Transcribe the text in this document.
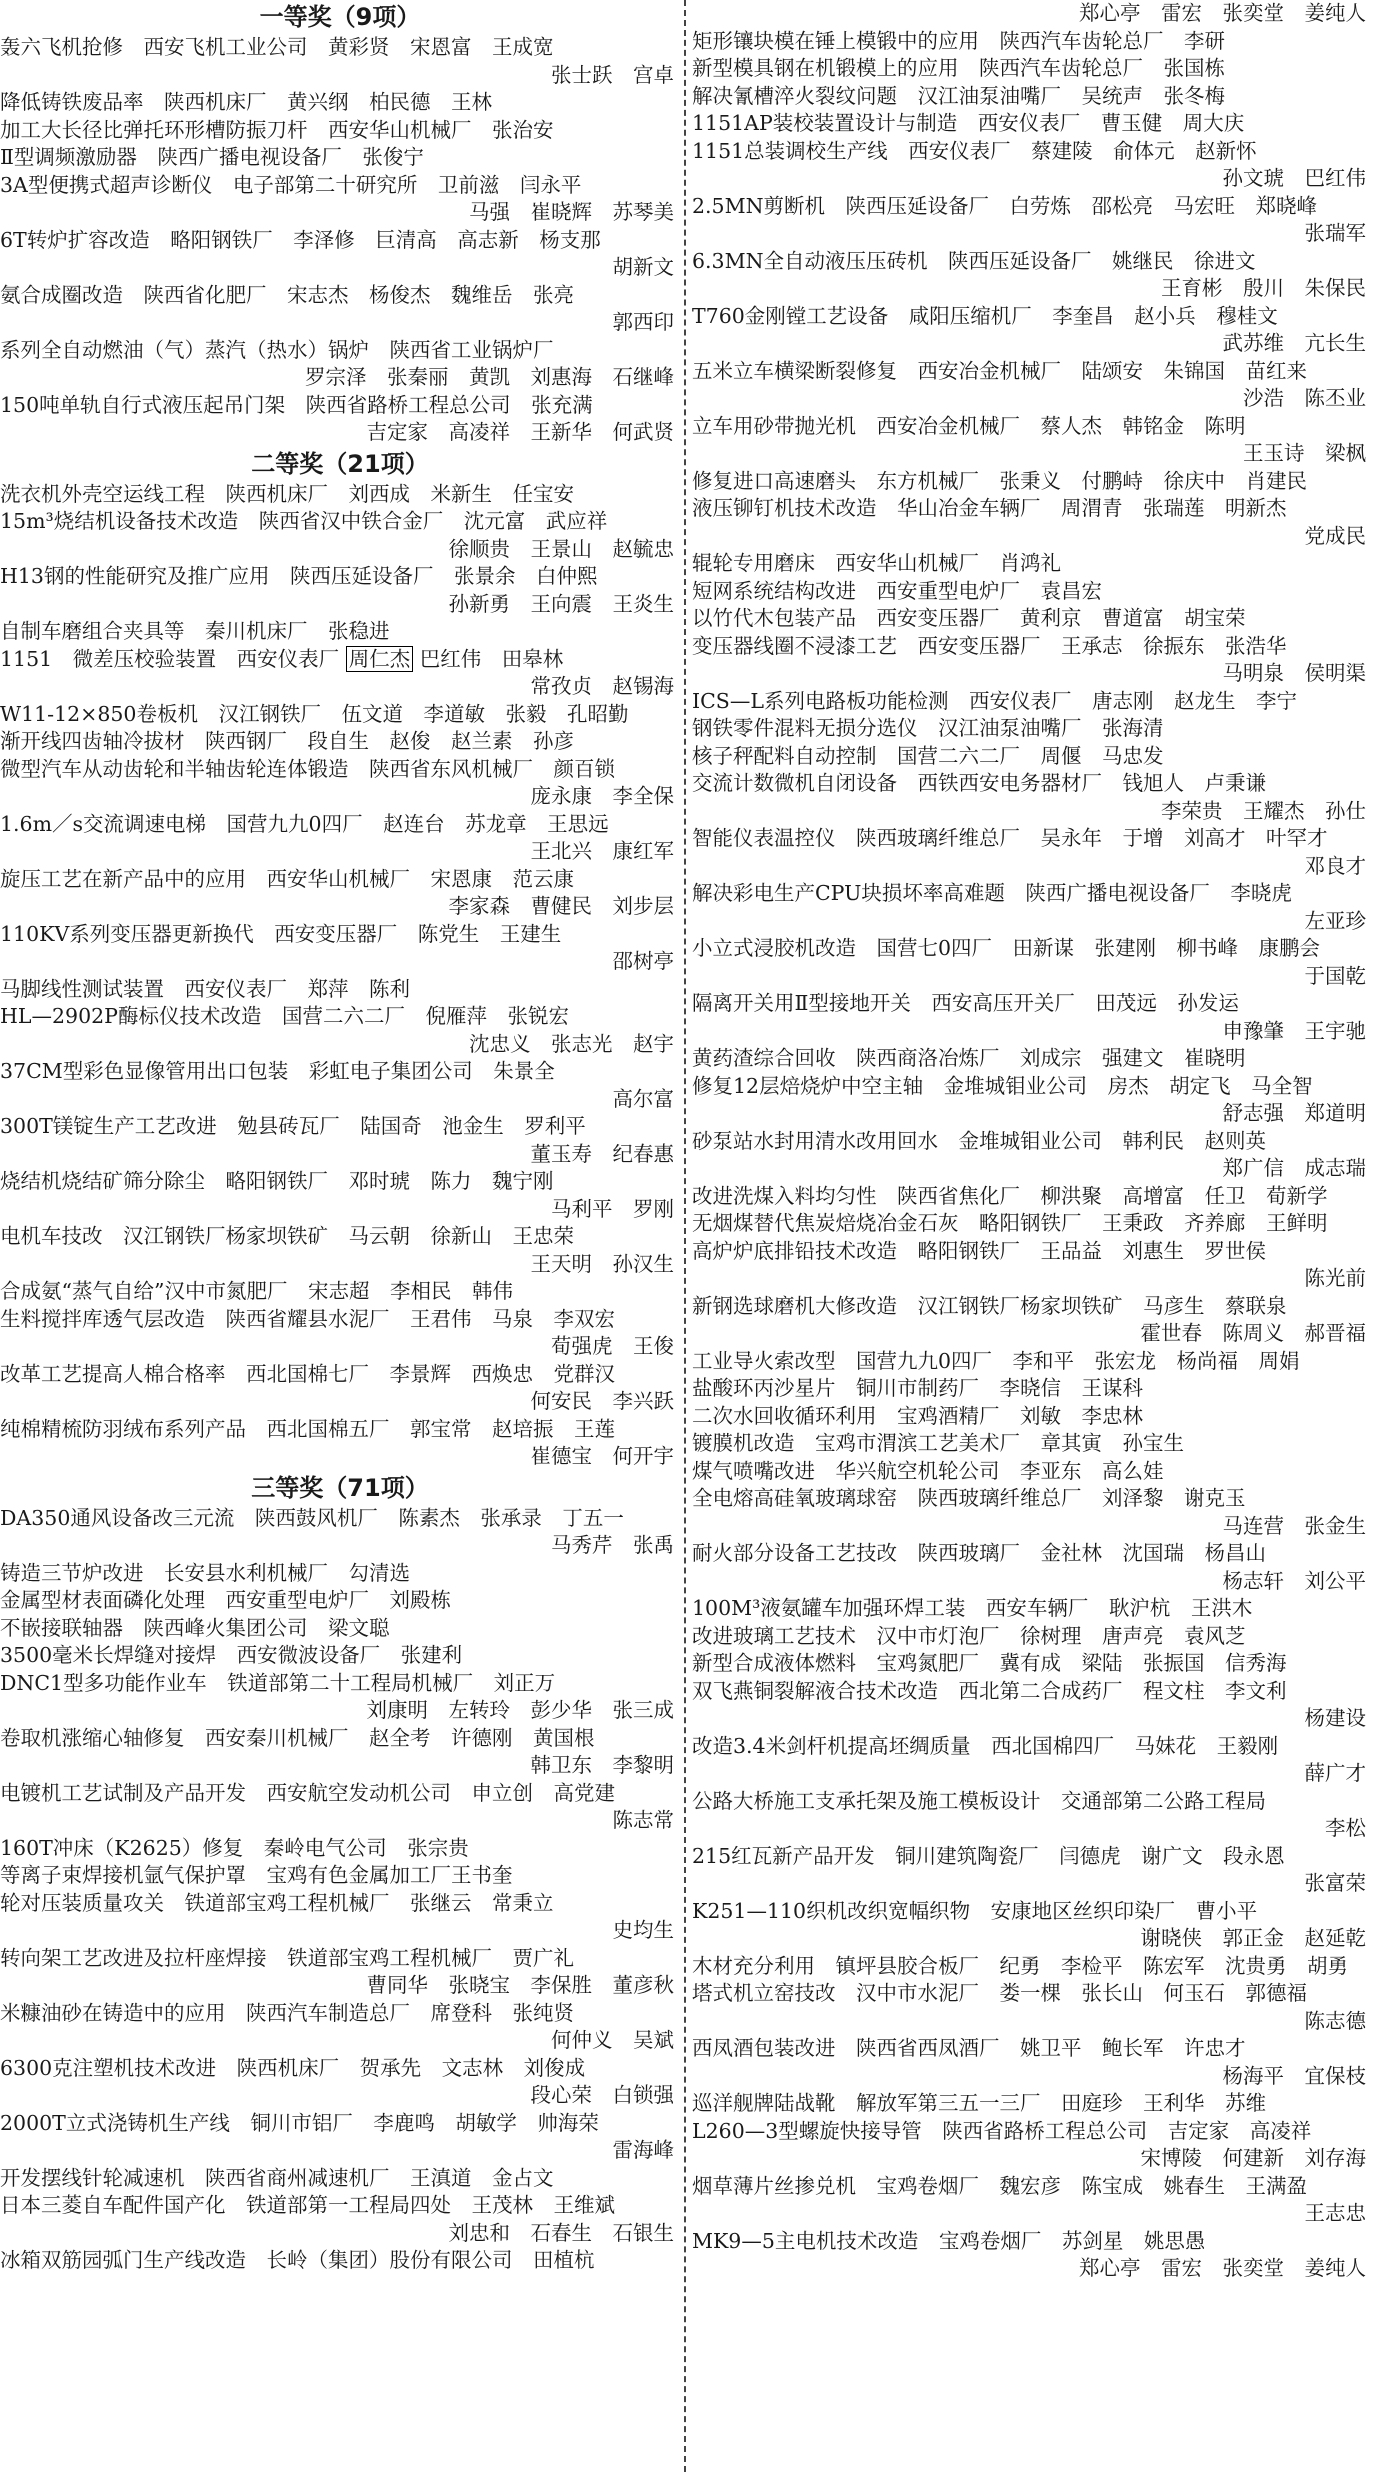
一等奖（9项）
轰六飞机抢修　西安飞机工业公司　黄彩贤　宋恩富　王成宽
张士跃　宫卓
降低铸铁废品率　陕西机床厂　黄兴纲　柏民德　王林
加工大长径比弹托环形槽防振刀杆　西安华山机械厂　张治安
Ⅱ型调频激励器　陕西广播电视设备厂　张俊宁
3A型便携式超声诊断仪　电子部第二十研究所　卫前滋　闫永平
马强　崔晓辉　苏琴美
6T转炉扩容改造　略阳钢铁厂　李泽修　巨清高　高志新　杨支那
胡新文
氨合成圈改造　陕西省化肥厂　宋志杰　杨俊杰　魏维岳　张亮
郭西印
系列全自动燃油（气）蒸汽（热水）锅炉　陕西省工业锅炉厂
罗宗泽　张秦丽　黄凯　刘惠海　石继峰
150吨单轨自行式液压起吊门架　陕西省路桥工程总公司　张充满
吉定家　高凌祥　王新华　何武贤
二等奖（21项）
洗衣机外壳空运线工程　陕西机床厂　刘西成　米新生　任宝安
15m³烧结机设备技术改造　陕西省汉中铁合金厂　沈元富　武应祥
徐顺贵　王景山　赵毓忠
H13钢的性能研究及推广应用　陕西压延设备厂　张景余　白仲熙
孙新勇　王向震　王炎生
自制车磨组合夹具等　秦川机床厂　张稳进
1151　微差压校验装置　西安仪表厂 周仁杰 巴红伟　田皋林
常孜贞　赵锡海
W11-12×850卷板机　汉江钢铁厂　伍文道　李道敏　张毅　孔昭勤
渐开线四齿轴冷拔材　陕西钢厂　段自生　赵俊　赵兰素　孙彦
微型汽车从动齿轮和半轴齿轮连体锻造　陕西省东风机械厂　颜百锁
庞永康　李全保
1.6m／s交流调速电梯　国营九九0四厂　赵连台　苏龙章　王思远
王北兴　康红军
旋压工艺在新产品中的应用　西安华山机械厂　宋恩康　范云康
李家森　曹健民　刘步层
110KV系列变压器更新换代　西安变压器厂　陈党生　王建生
邵树亭
马脚线性测试装置　西安仪表厂　郑萍　陈利
HL—2902P酶标仪技术改造　国营二六二厂　倪雁萍　张锐宏
沈忠义　张志光　赵宇
37CM型彩色显像管用出口包装　彩虹电子集团公司　朱景全
高尔富
300T镁锭生产工艺改进　勉县砖瓦厂　陆国奇　池金生　罗利平
董玉寿　纪春惠
烧结机烧结矿筛分除尘　略阳钢铁厂　邓时琥　陈力　魏宁刚
马利平　罗刚
电机车技改　汉江钢铁厂杨家坝铁矿　马云朝　徐新山　王忠荣
王天明　孙汉生
合成氨“蒸气自给”汉中市氮肥厂　宋志超　李相民　韩伟
生料搅拌库透气层改造　陕西省耀县水泥厂　王君伟　马泉　李双宏
荀强虎　王俊
改革工艺提高人棉合格率　西北国棉七厂　李景辉　西焕忠　党群汉
何安民　李兴跃
纯棉精梳防羽绒布系列产品　西北国棉五厂　郭宝常　赵培振　王莲
崔德宝　何开宇
三等奖（71项）
DA350通风设备改三元流　陕西鼓风机厂　陈素杰　张承录　丁五一
马秀芹　张禹
铸造三节炉改进　长安县水利机械厂　勾清选
金属型材表面磷化处理　西安重型电炉厂　刘殿栋
不嵌接联轴器　陕西峰火集团公司　梁文聪
3500毫米长焊缝对接焊　西安微波设备厂　张建利
DNC1型多功能作业车　铁道部第二十工程局机械厂　刘正万
刘康明　左转玲　彭少华　张三成
卷取机涨缩心轴修复　西安秦川机械厂　赵全考　许德刚　黄国根
韩卫东　李黎明
电镀机工艺试制及产品开发　西安航空发动机公司　申立创　高党建
陈志常
160T冲床（K2625）修复　秦岭电气公司　张宗贵
等离子束焊接机氩气保护罩　宝鸡有色金属加工厂王书奎
轮对压装质量攻关　铁道部宝鸡工程机械厂　张继云　常秉立
史均生
转向架工艺改进及拉杆座焊接　铁道部宝鸡工程机械厂　贾广礼
曹同华　张晓宝　李保胜　董彦秋
米糠油砂在铸造中的应用　陕西汽车制造总厂　席登科　张纯贤
何仲义　吴斌
6300克注塑机技术改进　陕西机床厂　贺承先　文志林　刘俊成
段心荣　白锁强
2000T立式浇铸机生产线　铜川市铝厂　李鹿鸣　胡敏学　帅海荣
雷海峰
开发摆线针轮减速机　陕西省商州减速机厂　王滇道　金占文
日本三菱自车配件国产化　铁道部第一工程局四处　王茂林　王维斌
刘忠和　石春生　石银生
冰箱双筋园弧门生产线改造　长岭（集团）股份有限公司　田植杭
郑心亭　雷宏　张奕堂　姜纯人
矩形镶块模在锤上模锻中的应用　陕西汽车齿轮总厂　李研
新型模具钢在机锻模上的应用　陕西汽车齿轮总厂　张国栋
解决氰槽淬火裂纹问题　汉江油泵油嘴厂　吴统声　张冬梅
1151AP装校装置设计与制造　西安仪表厂　曹玉健　周大庆
1151总装调校生产线　西安仪表厂　蔡建陵　俞体元　赵新怀
孙文琥　巴红伟
2.5MN剪断机　陕西压延设备厂　白劳炼　邵松亮　马宏旺　郑晓峰
张瑞军
6.3MN全自动液压压砖机　陕西压延设备厂　姚继民　徐进文
王育彬　殷川　朱保民
T760金刚镗工艺设备　咸阳压缩机厂　李奎昌　赵小兵　穆桂文
武苏维　亢长生
五米立车横梁断裂修复　西安冶金机械厂　陆颂安　朱锦国　苗红来
沙浩　陈丕业
立车用砂带抛光机　西安冶金机械厂　蔡人杰　韩铭金　陈明
王玉诗　梁枫
修复进口高速磨头　东方机械厂　张秉义　付鹏峙　徐庆中　肖建民
液压铆钉机技术改造　华山冶金车辆厂　周渭青　张瑞莲　明新杰
党成民
辊轮专用磨床　西安华山机械厂　肖鸿礼
短网系统结构改进　西安重型电炉厂　袁昌宏
以竹代木包装产品　西安变压器厂　黄利京　曹道富　胡宝荣
变压器线圈不浸漆工艺　西安变压器厂　王承志　徐振东　张浩华
马明泉　侯明渠
ICS—L系列电路板功能检测　西安仪表厂　唐志刚　赵龙生　李宁
钢铁零件混料无损分选仪　汉江油泵油嘴厂　张海清
核子秤配料自动控制　国营二六二厂　周偃　马忠发
交流计数微机自闭设备　西铁西安电务器材厂　钱旭人　卢秉谦
李荣贵　王耀杰　孙仕
智能仪表温控仪　陕西玻璃纤维总厂　吴永年　于增　刘高才　叶罕才
邓良才
解决彩电生产CPU块损坏率高难题　陕西广播电视设备厂　李晓虎
左亚珍
小立式浸胶机改造　国营七0四厂　田新谋　张建刚　柳书峰　康鹏会
于国乾
隔离开关用Ⅱ型接地开关　西安高压开关厂　田茂远　孙发运
申豫肇　王宇驰
黄药渣综合回收　陕西商洛冶炼厂　刘成宗　强建文　崔晓明
修复12层焙烧炉中空主轴　金堆城钼业公司　房杰　胡定飞　马全智
舒志强　郑道明
砂泵站水封用清水改用回水　金堆城钼业公司　韩利民　赵则英
郑广信　成志瑞
改进洗煤入料均匀性　陕西省焦化厂　柳洪聚　高增富　任卫　荀新学
无烟煤替代焦炭焙烧冶金石灰　略阳钢铁厂　王秉政　齐养廊　王鲜明
高炉炉底排铅技术改造　略阳钢铁厂　王品益　刘惠生　罗世侯
陈光前
新钢选球磨机大修改造　汉江钢铁厂杨家坝铁矿　马彦生　蔡联泉
霍世春　陈周义　郝晋福
工业导火索改型　国营九九0四厂　李和平　张宏龙　杨尚福　周娟
盐酸环丙沙星片　铜川市制药厂　李晓信　王谋科
二次水回收循环利用　宝鸡酒精厂　刘敏　李忠林
镀膜机改造　宝鸡市渭滨工艺美术厂　章其寅　孙宝生
煤气喷嘴改进　华兴航空机轮公司　李亚东　高么娃
全电熔高硅氧玻璃球窑　陕西玻璃纤维总厂　刘泽黎　谢克玉
马连营　张金生
耐火部分设备工艺技改　陕西玻璃厂　金社林　沈国瑞　杨昌山
杨志轩　刘公平
100M³液氨罐车加强环焊工装　西安车辆厂　耿沪杭　王洪木
改进玻璃工艺技术　汉中市灯泡厂　徐树理　唐声亮　袁风芝
新型合成液体燃料　宝鸡氮肥厂　冀有成　梁陆　张振国　信秀海
双飞燕铜裂解液合技术改造　西北第二合成药厂　程文柱　李文利
杨建设
改造3.4米剑杆机提高坯绸质量　西北国棉四厂　马妹花　王毅刚
薛广才
公路大桥施工支承托架及施工模板设计　交通部第二公路工程局
李松
215红瓦新产品开发　铜川建筑陶瓷厂　闫德虎　谢广文　段永恩
张富荣
K251—110织机改织宽幅织物　安康地区丝织印染厂　曹小平
谢晓侠　郭正金　赵延乾
木材充分利用　镇坪县胶合板厂　纪勇　李检平　陈宏军　沈贵勇　胡勇
塔式机立窑技改　汉中市水泥厂　娄一棵　张长山　何玉石　郭德福
陈志德
西凤酒包装改进　陕西省西凤酒厂　姚卫平　鲍长军　许忠才
杨海平　宜保枝
巡洋舰牌陆战靴　解放军第三五一三厂　田庭珍　王利华　苏维
L260—3型螺旋快接导管　陕西省路桥工程总公司　吉定家　高凌祥
宋博陵　何建新　刘存海
烟草薄片丝掺兑机　宝鸡卷烟厂　魏宏彦　陈宝成　姚春生　王满盈
王志忠
MK9—5主电机技术改造　宝鸡卷烟厂　苏剑星　姚思愚
郑心亭　雷宏　张奕堂　姜纯人
